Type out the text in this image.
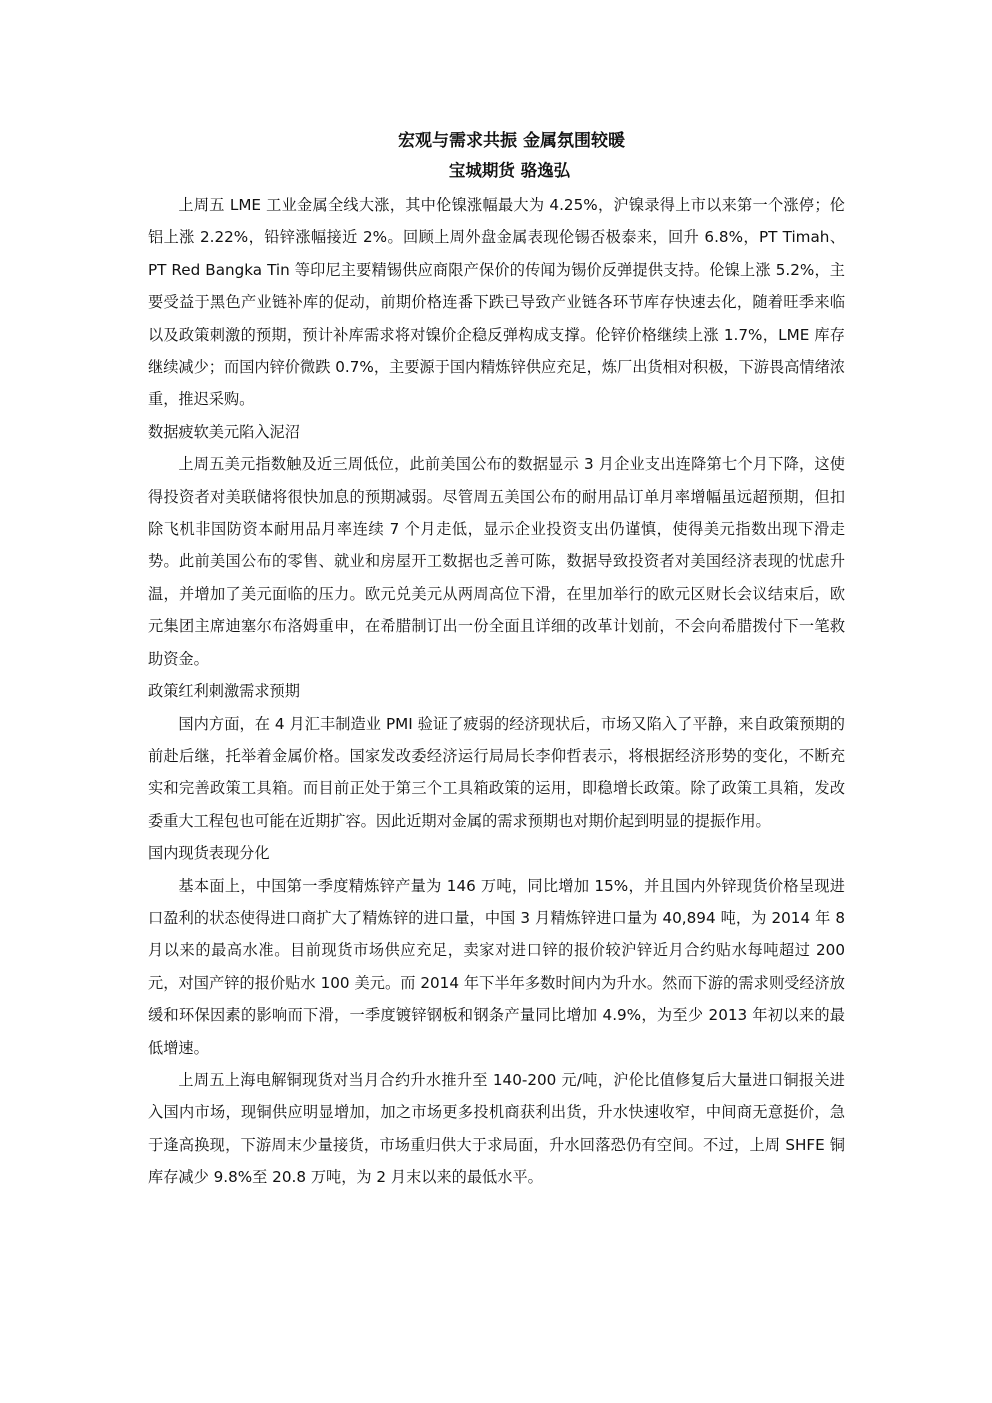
宏观与需求共振 金属氛围较暖
宝城期货 骆逸弘

上周五 LME 工业金属全线大涨，其中伦镍涨幅最大为 4.25%，沪镍录得上市以来第一个涨停；伦铝上涨 2.22%，铅锌涨幅接近 2%。回顾上周外盘金属表现伦锡否极泰来，回升 6.8%，PT Timah、PT Red Bangka Tin 等印尼主要精锡供应商限产保价的传闻为锡价反弹提供支持。伦镍上涨 5.2%，主要受益于黑色产业链补库的促动，前期价格连番下跌已导致产业链各环节库存快速去化，随着旺季来临以及政策刺激的预期，预计补库需求将对镍价企稳反弹构成支撑。伦锌价格继续上涨 1.7%，LME 库存继续减少；而国内锌价微跌 0.7%，主要源于国内精炼锌供应充足，炼厂出货相对积极，下游畏高情绪浓重，推迟采购。

数据疲软美元陷入泥沼

上周五美元指数触及近三周低位，此前美国公布的数据显示 3 月企业支出连降第七个月下降，这使得投资者对美联储将很快加息的预期减弱。尽管周五美国公布的耐用品订单月率增幅虽远超预期，但扣除飞机非国防资本耐用品月率连续 7 个月走低，显示企业投资支出仍谨慎，使得美元指数出现下滑走势。此前美国公布的零售、就业和房屋开工数据也乏善可陈，数据导致投资者对美国经济表现的忧虑升温，并增加了美元面临的压力。欧元兑美元从两周高位下滑，在里加举行的欧元区财长会议结束后，欧元集团主席迪塞尔布洛姆重申，在希腊制订出一份全面且详细的改革计划前，不会向希腊拨付下一笔救助资金。

政策红利刺激需求预期

国内方面，在 4 月汇丰制造业 PMI 验证了疲弱的经济现状后，市场又陷入了平静，来自政策预期的前赴后继，托举着金属价格。国家发改委经济运行局局长李仰哲表示，将根据经济形势的变化，不断充实和完善政策工具箱。而目前正处于第三个工具箱政策的运用，即稳增长政策。除了政策工具箱，发改委重大工程包也可能在近期扩容。因此近期对金属的需求预期也对期价起到明显的提振作用。

国内现货表现分化

基本面上，中国第一季度精炼锌产量为 146 万吨，同比增加 15%，并且国内外锌现货价格呈现进口盈利的状态使得进口商扩大了精炼锌的进口量，中国 3 月精炼锌进口量为 40,894 吨，为 2014 年 8 月以来的最高水准。目前现货市场供应充足，卖家对进口锌的报价较沪锌近月合约贴水每吨超过 200 元，对国产锌的报价贴水 100 美元。而 2014 年下半年多数时间内为升水。然而下游的需求则受经济放缓和环保因素的影响而下滑，一季度镀锌钢板和钢条产量同比增加 4.9%，为至少 2013 年初以来的最低增速。

上周五上海电解铜现货对当月合约升水推升至 140-200 元/吨，沪伦比值修复后大量进口铜报关进入国内市场，现铜供应明显增加，加之市场更多投机商获利出货，升水快速收窄，中间商无意挺价，急于逢高换现，下游周末少量接货，市场重归供大于求局面，升水回落恐仍有空间。不过，上周 SHFE 铜库存减少 9.8%至 20.8 万吨，为 2 月末以来的最低水平。
